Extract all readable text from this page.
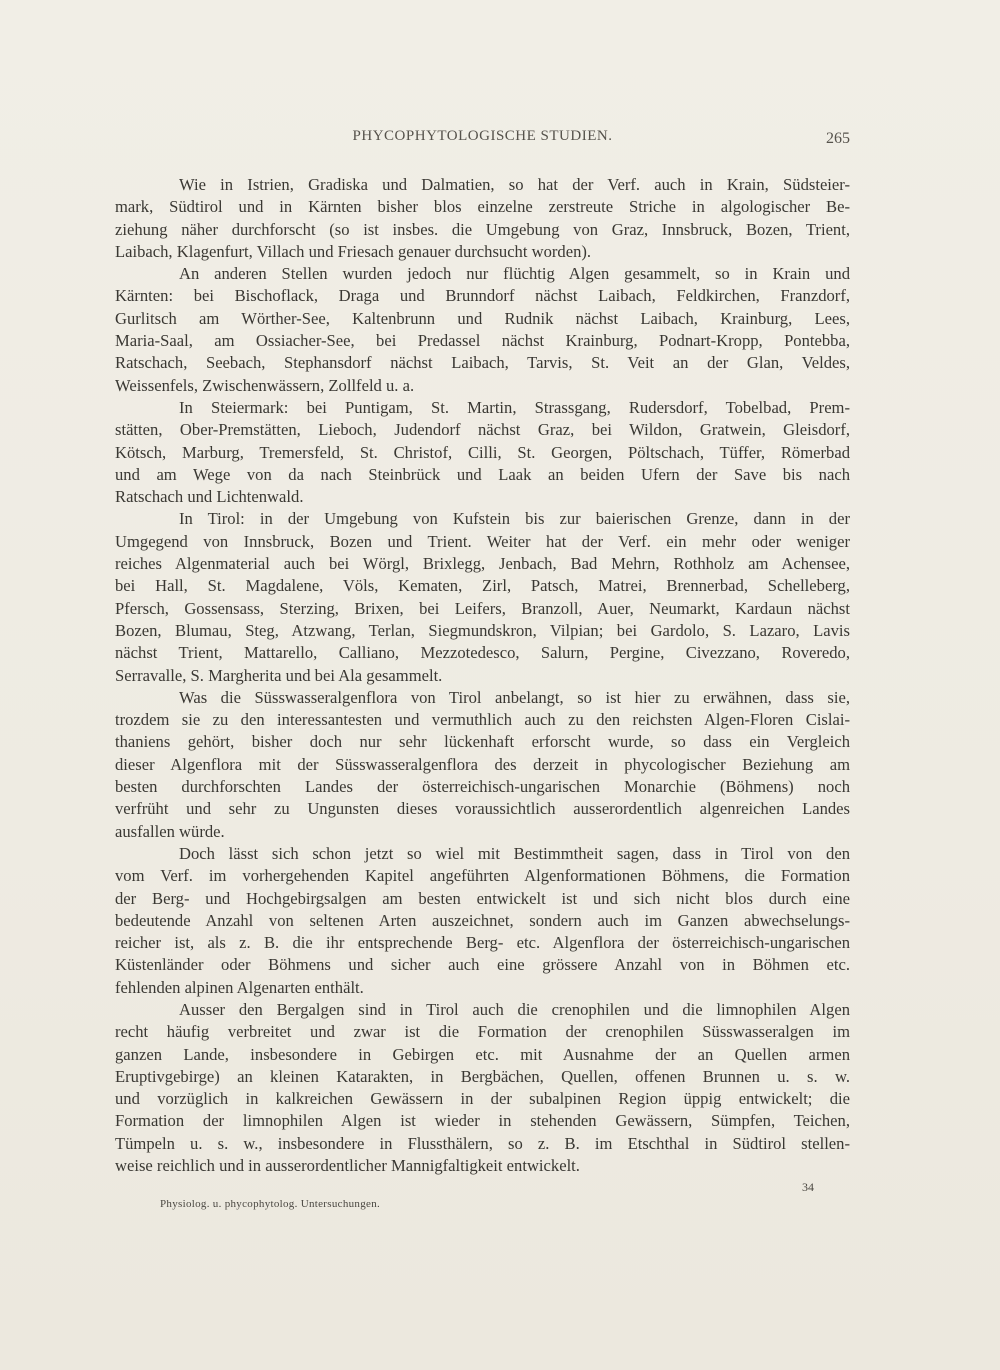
PHYCOPHYTOLOGISCHE STUDIEN.	265
Wie in Istrien, Gradiska und Dalmatien, so hat der Verf. auch in Krain, Südsteier-
mark, Südtirol und in Kärnten bisher blos einzelne zerstreute Striche in algologischer Be-
ziehung näher durchforscht (so ist insbes. die Umgebung von Graz, Innsbruck, Bozen, Trient,
Laibach, Klagenfurt, Villach und Friesach genauer durchsucht worden).
An anderen Stellen wurden jedoch nur flüchtig Algen gesammelt, so in Krain und
Kärnten: bei Bischoflack, Draga und Brunndorf nächst Laibach, Feldkirchen, Franzdorf,
Gurlitsch am Wörther-See, Kaltenbrunn und Rudnik nächst Laibach, Krainburg, Lees,
Maria-Saal, am Ossiacher-See, bei Predassel nächst Krainburg, Podnart-Kropp, Pontebba,
Ratschach, Seebach, Stephansdorf nächst Laibach, Tarvis, St. Veit an der Glan, Veldes,
Weissenfels, Zwischenwässern, Zollfeld u. a.
In Steiermark: bei Puntigam, St. Martin, Strassgang, Rudersdorf, Tobelbad, Prem-
stätten, Ober-Premstätten, Lieboch, Judendorf nächst Graz, bei Wildon, Gratwein, Gleisdorf,
Kötsch, Marburg, Tremersfeld, St. Christof, Cilli, St. Georgen, Pöltschach, Tüffer, Römerbad
und am Wege von da nach Steinbrück und Laak an beiden Ufern der Save bis nach
Ratschach und Lichtenwald.
In Tirol: in der Umgebung von Kufstein bis zur baierischen Grenze, dann in der
Umgegend von Innsbruck, Bozen und Trient. Weiter hat der Verf. ein mehr oder weniger
reiches Algenmaterial auch bei Wörgl, Brixlegg, Jenbach, Bad Mehrn, Rothholz am Achensee,
bei Hall, St. Magdalene, Völs, Kematen, Zirl, Patsch, Matrei, Brennerbad, Schelleberg,
Pfersch, Gossensass, Sterzing, Brixen, bei Leifers, Branzoll, Auer, Neumarkt, Kardaun nächst
Bozen, Blumau, Steg, Atzwang, Terlan, Siegmundskron, Vilpian; bei Gardolo, S. Lazaro, Lavis
nächst Trient, Mattarello, Calliano, Mezzotedesco, Salurn, Pergine, Civezzano, Roveredo,
Serravalle, S. Margherita und bei Ala gesammelt.
Was die Süsswasseralgenflora von Tirol anbelangt, so ist hier zu erwähnen, dass sie,
trozdem sie zu den interessantesten und vermuthlich auch zu den reichsten Algen-Floren Cislai-
thaniens gehört, bisher doch nur sehr lückenhaft erforscht wurde, so dass ein Vergleich
dieser Algenflora mit der Süsswasseralgenflora des derzeit in phycologischer Beziehung am
besten durchforschten Landes der österreichisch-ungarischen Monarchie (Böhmens) noch
verfrüht und sehr zu Ungunsten dieses voraussichtlich ausserordentlich algenreichen Landes
ausfallen würde.
Doch lässt sich schon jetzt so wiel mit Bestimmtheit sagen, dass in Tirol von den
vom Verf. im vorhergehenden Kapitel angeführten Algenformationen Böhmens, die Formation
der Berg- und Hochgebirgsalgen am besten entwickelt ist und sich nicht blos durch eine
bedeutende Anzahl von seltenen Arten auszeichnet, sondern auch im Ganzen abwechselungs-
reicher ist, als z. B. die ihr entsprechende Berg- etc. Algenflora der österreichisch-ungarischen
Küstenländer oder Böhmens und sicher auch eine grössere Anzahl von in Böhmen etc.
fehlenden alpinen Algenarten enthält.
Ausser den Bergalgen sind in Tirol auch die crenophilen und die limnophilen Algen
recht häufig verbreitet und zwar ist die Formation der crenophilen Süsswasseralgen im
ganzen Lande, insbesondere in Gebirgen etc. mit Ausnahme der an Quellen armen
Eruptivgebirge) an kleinen Katarakten, in Bergbächen, Quellen, offenen Brunnen u. s. w.
und vorzüglich in kalkreichen Gewässern in der subalpinen Region üppig entwickelt; die
Formation der limnophilen Algen ist wieder in stehenden Gewässern, Sümpfen, Teichen,
Tümpeln u. s. w., insbesondere in Flussthälern, so z. B. im Etschthal in Südtirol stellen-
weise reichlich und in ausserordentlicher Mannigfaltigkeit entwickelt.
Physiolog. u. phycophytolog. Untersuchungen.
34
